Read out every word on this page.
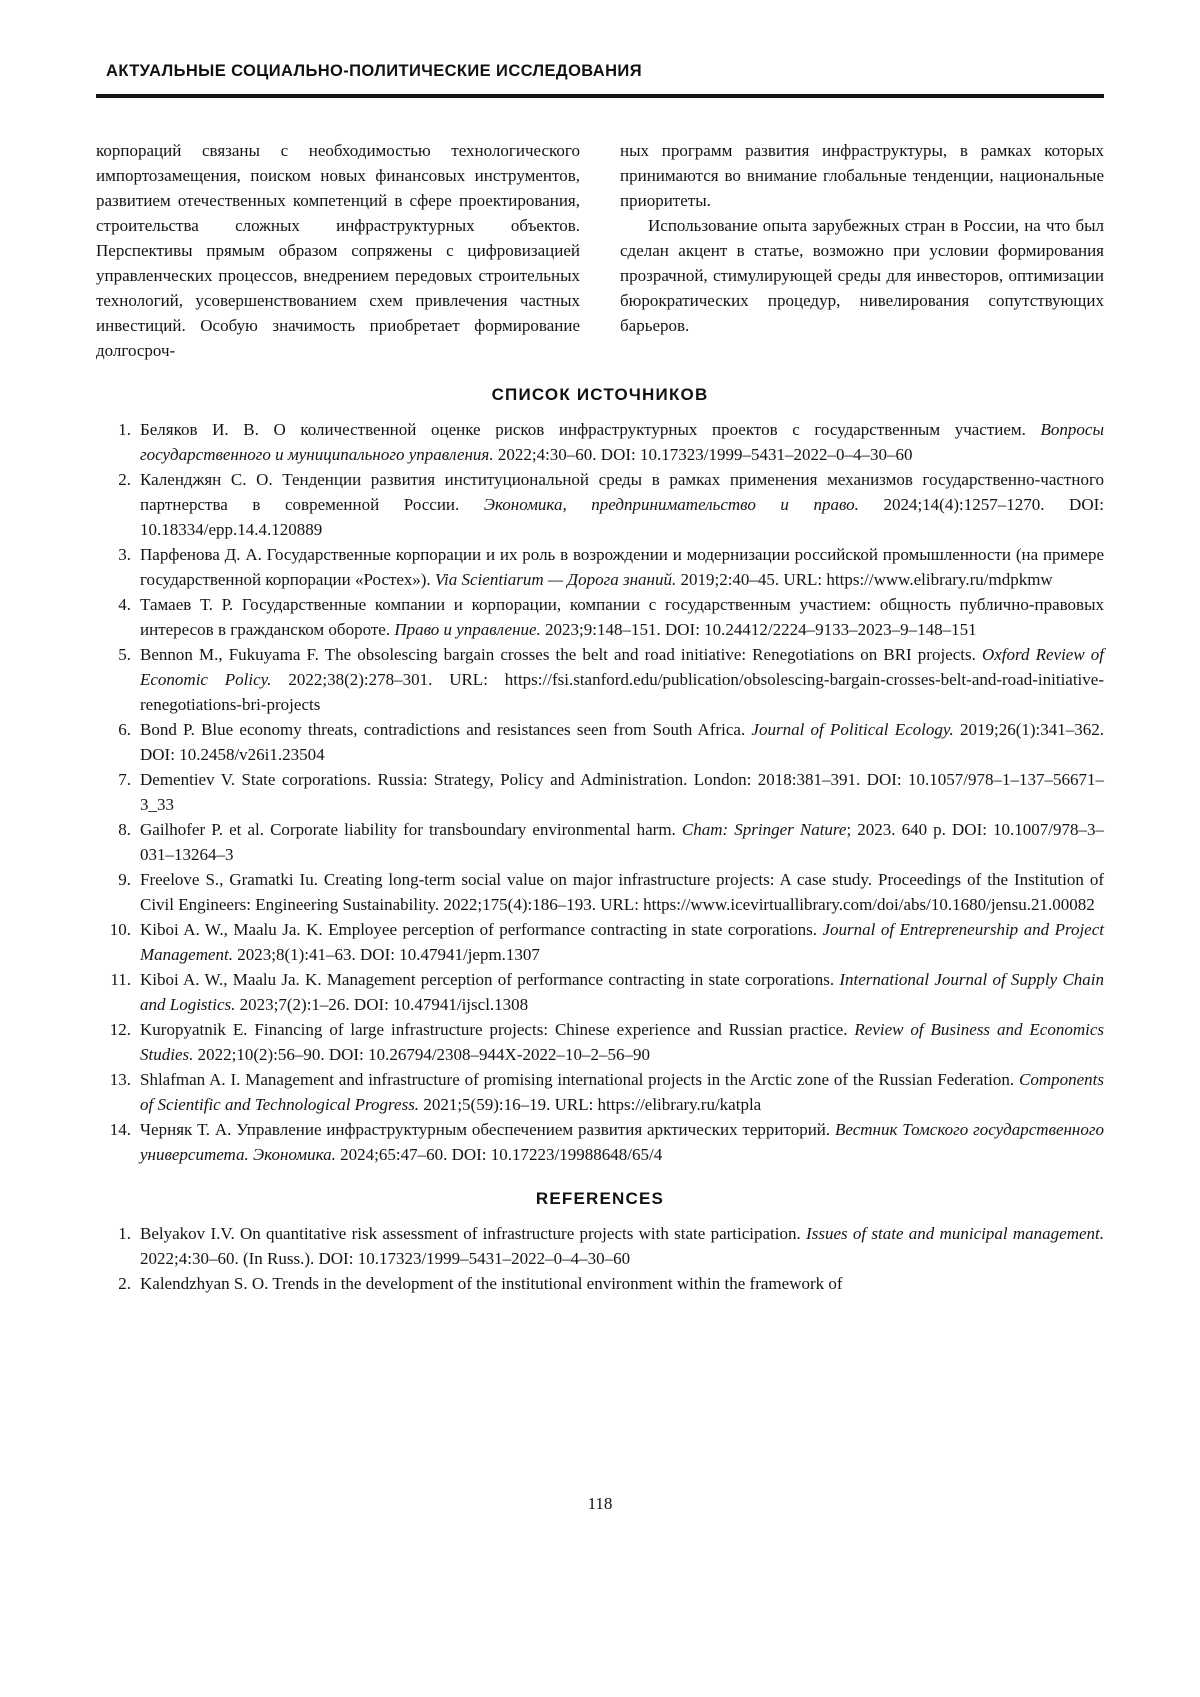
АКТУАЛЬНЫЕ СОЦИАЛЬНО-ПОЛИТИЧЕСКИЕ ИССЛЕДОВАНИЯ

корпораций связаны с необходимостью технологического импортозамещения, поиском новых финансовых инструментов, развитием отечественных компетенций в сфере проектирования, строительства сложных инфраструктурных объектов. Перспективы прямым образом сопряжены с цифровизацией управленческих процессов, внедрением передовых строительных технологий, усовершенствованием схем привлечения частных инвестиций. Особую значимость приобретает формирование долгосроч-

ных программ развития инфраструктуры, в рамках которых принимаются во внимание глобальные тенденции, национальные приоритеты.

Использование опыта зарубежных стран в России, на что был сделан акцент в статье, возможно при условии формирования прозрачной, стимулирующей среды для инвесторов, оптимизации бюрократических процедур, нивелирования сопутствующих барьеров.

СПИСОК ИСТОЧНИКОВ
1. Беляков И. В. О количественной оценке рисков инфраструктурных проектов с государственным участием. Вопросы государственного и муниципального управления. 2022;4:30–60. DOI: 10.17323/1999–5431–2022–0–4–30–60
2. Календжян С. О. Тенденции развития институциональной среды в рамках применения механизмов государственно-частного партнерства в современной России. Экономика, предпринимательство и право. 2024;14(4):1257–1270. DOI: 10.18334/epp.14.4.120889
3. Парфенова Д. А. Государственные корпорации и их роль в возрождении и модернизации российской промышленности (на примере государственной корпорации «Ростех»). Via Scientiarum — Дорога знаний. 2019;2:40–45. URL: https://www.elibrary.ru/mdpkmw
4. Тамаев Т. Р. Государственные компании и корпорации, компании с государственным участием: общность публично-правовых интересов в гражданском обороте. Право и управление. 2023;9:148–151. DOI: 10.24412/2224–9133–2023–9–148–151
5. Bennon M., Fukuyama F. The obsolescing bargain crosses the belt and road initiative: Renegotiations on BRI projects. Oxford Review of Economic Policy. 2022;38(2):278–301. URL: https://fsi.stanford.edu/publication/obsolescing-bargain-crosses-belt-and-road-initiative-renegotiations-bri-projects
6. Bond P. Blue economy threats, contradictions and resistances seen from South Africa. Journal of Political Ecology. 2019;26(1):341–362. DOI: 10.2458/v26i1.23504
7. Dementiev V. State corporations. Russia: Strategy, Policy and Administration. London: 2018:381–391. DOI: 10.1057/978–1–137–56671–3_33
8. Gailhofer P. et al. Corporate liability for transboundary environmental harm. Cham: Springer Nature; 2023. 640 p. DOI: 10.1007/978–3–031–13264–3
9. Freelove S., Gramatki Iu. Creating long-term social value on major infrastructure projects: A case study. Proceedings of the Institution of Civil Engineers: Engineering Sustainability. 2022;175(4):186–193. URL: https://www.icevirtuallibrary.com/doi/abs/10.1680/jensu.21.00082
10. Kiboi A. W., Maalu Ja. K. Employee perception of performance contracting in state corporations. Journal of Entrepreneurship and Project Management. 2023;8(1):41–63. DOI: 10.47941/jepm.1307
11. Kiboi A. W., Maalu Ja. K. Management perception of performance contracting in state corporations. International Journal of Supply Chain and Logistics. 2023;7(2):1–26. DOI: 10.47941/ijscl.1308
12. Kuropyatnik E. Financing of large infrastructure projects: Chinese experience and Russian practice. Review of Business and Economics Studies. 2022;10(2):56–90. DOI: 10.26794/2308–944X-2022–10–2–56–90
13. Shlafman A. I. Management and infrastructure of promising international projects in the Arctic zone of the Russian Federation. Components of Scientific and Technological Progress. 2021;5(59):16–19. URL: https://elibrary.ru/katpla
14. Черняк Т. А. Управление инфраструктурным обеспечением развития арктических территорий. Вестник Томского государственного университета. Экономика. 2024;65:47–60. DOI: 10.17223/19988648/65/4
REFERENCES
1. Belyakov I.V. On quantitative risk assessment of infrastructure projects with state participation. Issues of state and municipal management. 2022;4:30–60. (In Russ.). DOI: 10.17323/1999–5431–2022–0–4–30–60
2. Kalendzhyan S. O. Trends in the development of the institutional environment within the framework of
118
